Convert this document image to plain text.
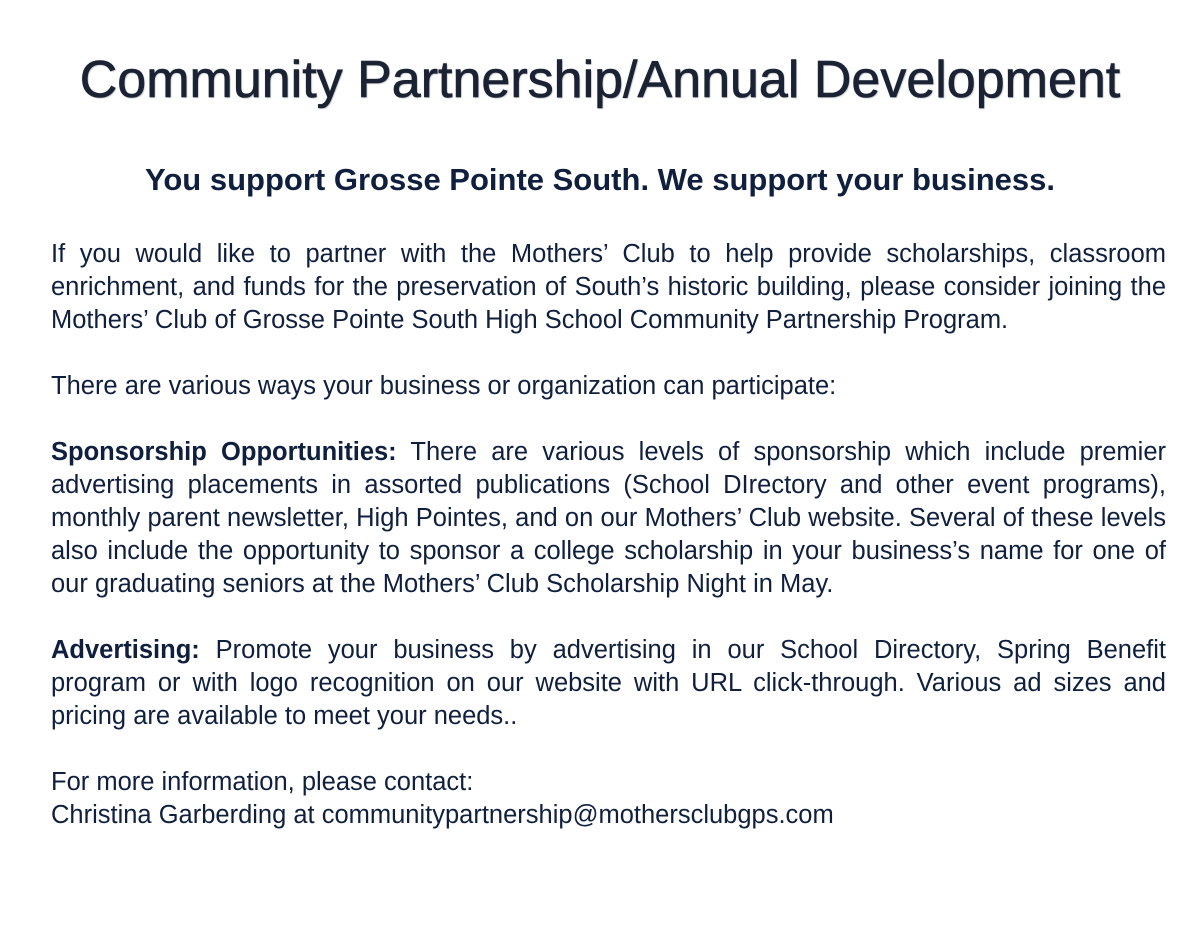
Community Partnership/Annual Development
You support Grosse Pointe South. We support your business.

If you would like to partner with the Mothers’ Club to help provide scholarships, classroom enrichment, and funds for the preservation of South’s historic building, please consider joining the Mothers’ Club of Grosse Pointe South High School Community Partnership Program.

There are various ways your business or organization can participate:

Sponsorship Opportunities: There are various levels of sponsorship which include premier advertising placements in assorted publications (School DIrectory and other event programs), monthly parent newsletter, High Pointes, and on our Mothers’ Club website. Several of these levels also include the opportunity to sponsor a college scholarship in your business’s name for one of our graduating seniors at the Mothers’ Club Scholarship Night in May.

Advertising: Promote your business by advertising in our School Directory, Spring Benefit program or with logo recognition on our website with URL click-through. Various ad sizes and pricing are available to meet your needs..

For more information, please contact:
Christina Garberding at communitypartnership@mothersclubgps.com
